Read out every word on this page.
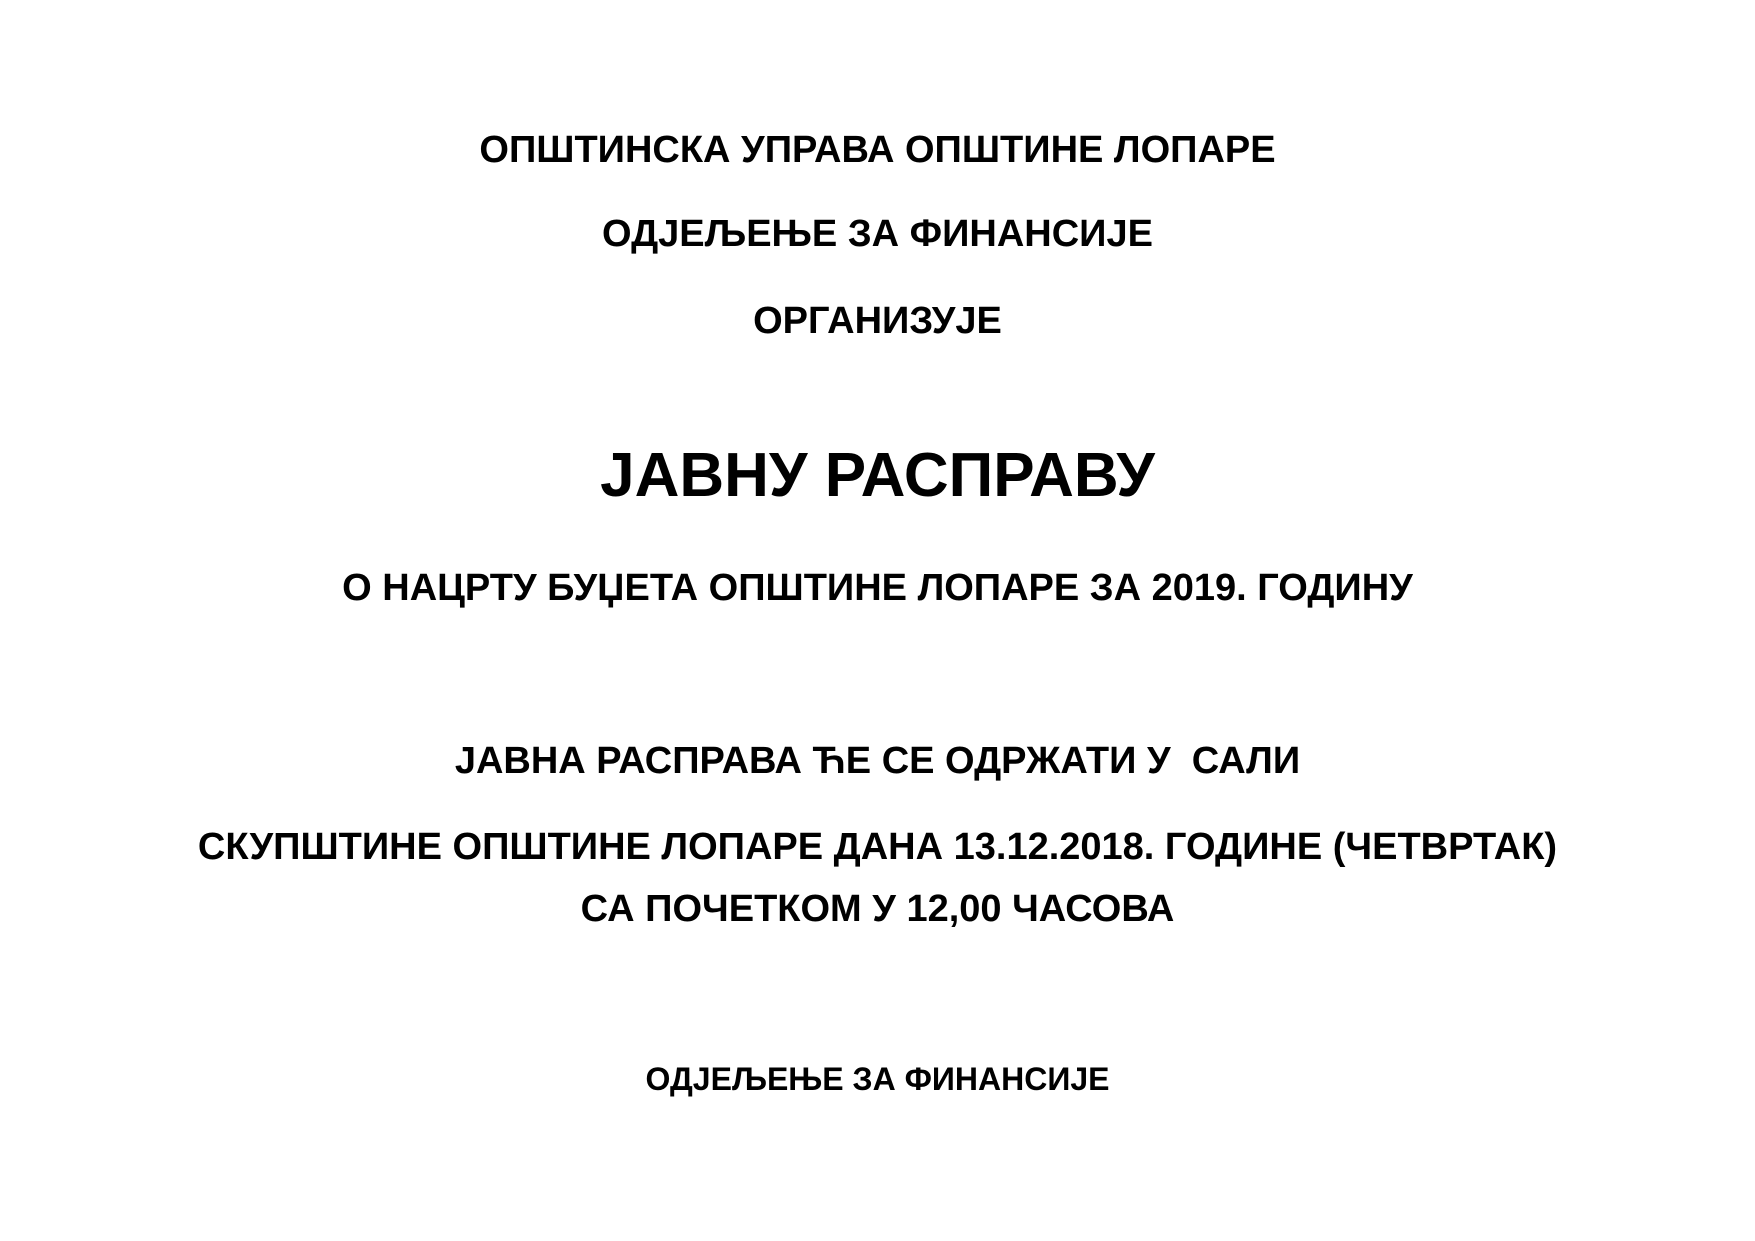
ОПШТИНСКА УПРАВА ОПШТИНЕ ЛОПАРЕ
ОДЈЕЉЕЊЕ ЗА ФИНАНСИЈЕ
ОРГАНИЗУЈЕ
ЈАВНУ РАСПРАВУ
О НАЦРТУ БУЏЕТА ОПШТИНЕ ЛОПАРЕ ЗА 2019. ГОДИНУ
ЈАВНА РАСПРАВА ЋЕ СЕ ОДРЖАТИ У  САЛИ
СКУПШТИНЕ ОПШТИНЕ ЛОПАРЕ ДАНА 13.12.2018. ГОДИНЕ (ЧЕТВРТАК)
СА ПОЧЕТКОМ У 12,00 ЧАСОВА
ОДЈЕЉЕЊЕ ЗА ФИНАНСИЈЕ
